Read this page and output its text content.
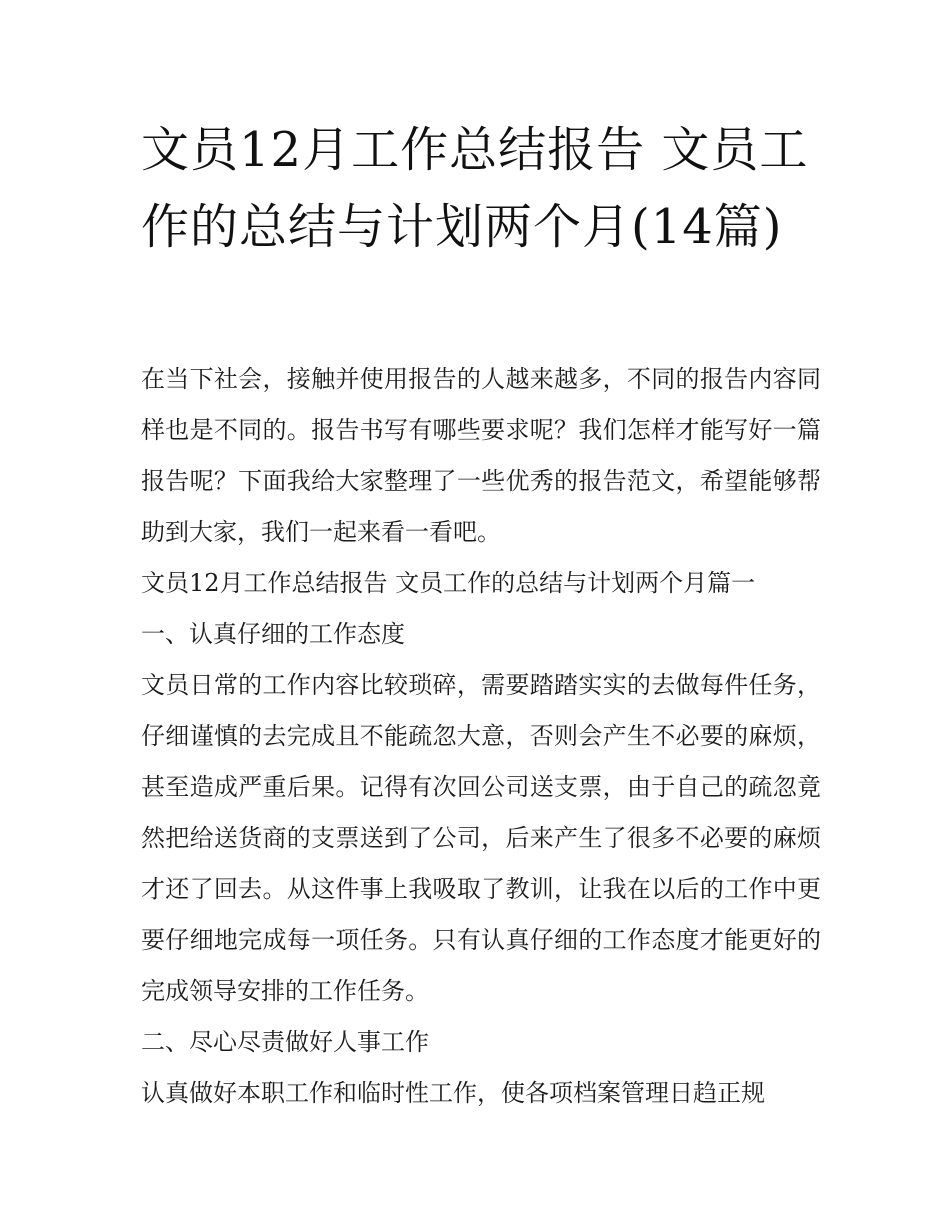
文员12月工作总结报告 文员工作的总结与计划两个月(14篇)

在当下社会，接触并使用报告的人越来越多，不同的报告内容同样也是不同的。报告书写有哪些要求呢？我们怎样才能写好一篇报告呢？下面我给大家整理了一些优秀的报告范文，希望能够帮助到大家，我们一起来看一看吧。

文员12月工作总结报告 文员工作的总结与计划两个月篇一

一、认真仔细的工作态度

文员日常的工作内容比较琐碎，需要踏踏实实的去做每件任务，仔细谨慎的去完成且不能疏忽大意，否则会产生不必要的麻烦，甚至造成严重后果。记得有次回公司送支票，由于自己的疏忽竟然把给送货商的支票送到了公司，后来产生了很多不必要的麻烦才还了回去。从这件事上我吸取了教训，让我在以后的工作中更要仔细地完成每一项任务。只有认真仔细的工作态度才能更好的完成领导安排的工作任务。

二、尽心尽责做好人事工作

认真做好本职工作和临时性工作，使各项档案管理日趋正规
